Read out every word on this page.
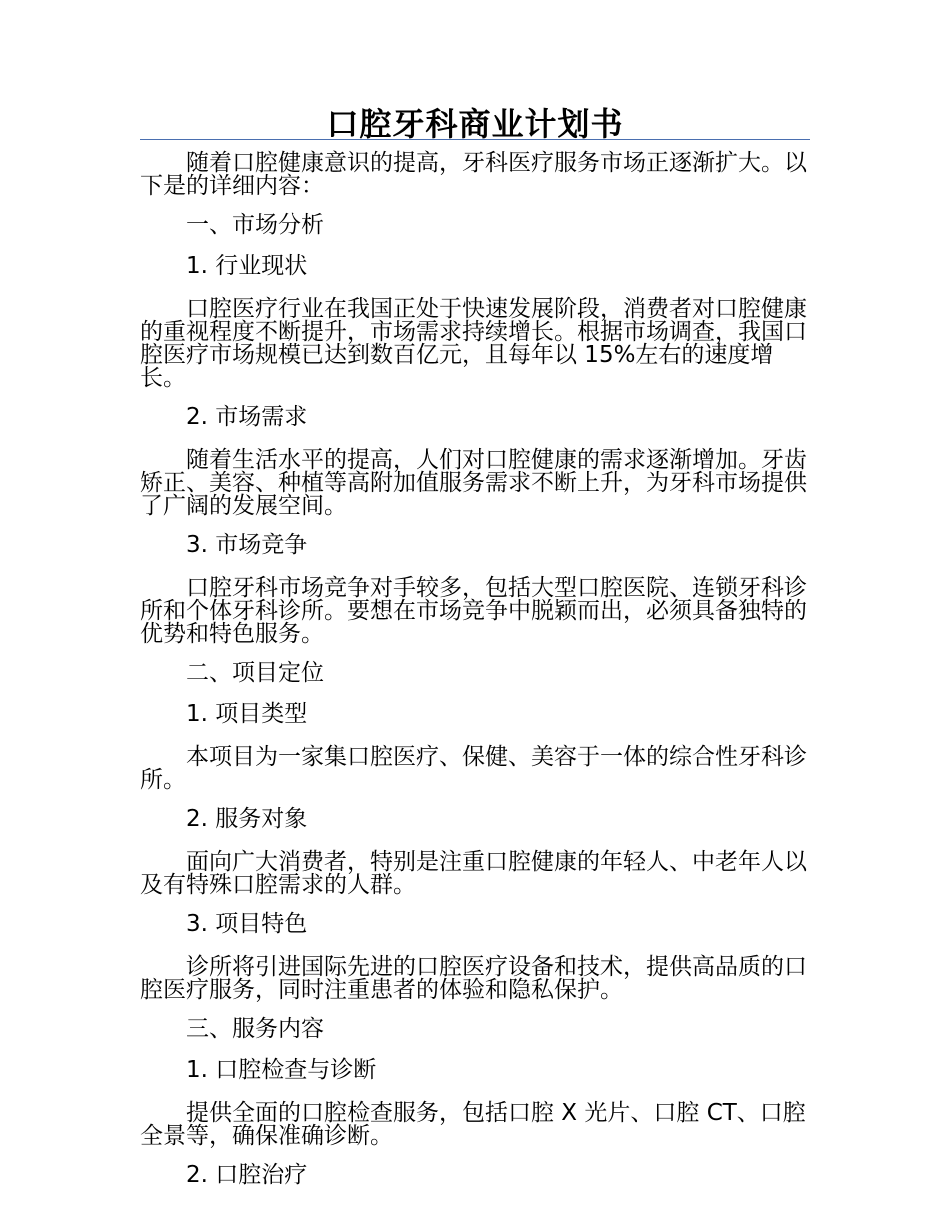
口腔牙科商业计划书

随着口腔健康意识的提高，牙科医疗服务市场正逐渐扩大。以下是的详细内容：

一、市场分析

1. 行业现状

口腔医疗行业在我国正处于快速发展阶段，消费者对口腔健康的重视程度不断提升，市场需求持续增长。根据市场调查，我国口腔医疗市场规模已达到数百亿元，且每年以 15%左右的速度增长。

2. 市场需求

随着生活水平的提高，人们对口腔健康的需求逐渐增加。牙齿矫正、美容、种植等高附加值服务需求不断上升，为牙科市场提供了广阔的发展空间。

3. 市场竞争

口腔牙科市场竞争对手较多，包括大型口腔医院、连锁牙科诊所和个体牙科诊所。要想在市场竞争中脱颖而出，必须具备独特的优势和特色服务。

二、项目定位

1. 项目类型

本项目为一家集口腔医疗、保健、美容于一体的综合性牙科诊所。

2. 服务对象

面向广大消费者，特别是注重口腔健康的年轻人、中老年人以及有特殊口腔需求的人群。

3. 项目特色

诊所将引进国际先进的口腔医疗设备和技术，提供高品质的口腔医疗服务，同时注重患者的体验和隐私保护。

三、服务内容

1. 口腔检查与诊断

提供全面的口腔检查服务，包括口腔 X 光片、口腔 CT、口腔全景等，确保准确诊断。

2. 口腔治疗
